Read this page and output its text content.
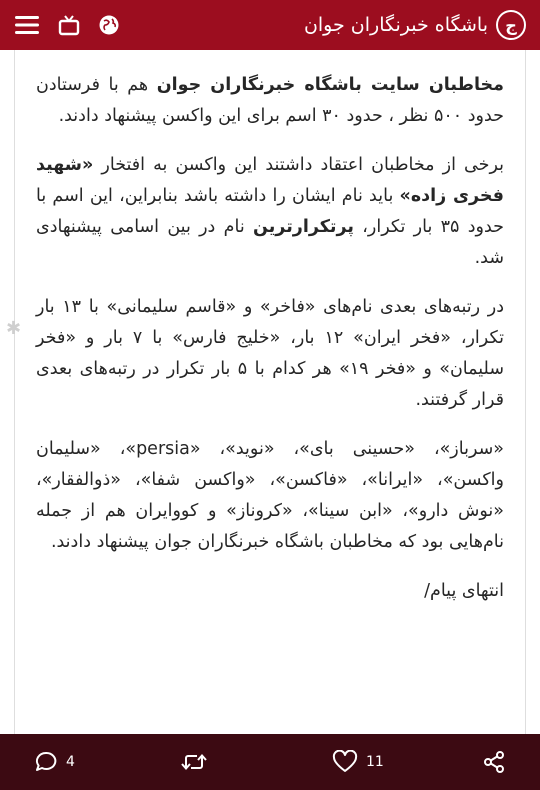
ج
باشگاه خبرنگاران جوان
✱

مخاطبان سایت باشگاه خبرنگاران جوان هم با فرستادن حدود ۵۰۰ نظر ، حدود ۳۰ اسم برای این واکسن پیشنهاد دادند.

برخی از مخاطبان اعتقاد داشتند این واکسن به افتخار «شهید فخری زاده» باید نام ایشان را داشته باشد بنابراین، این اسم با حدود ۳۵ بار تکرار، پرتکرارترین نام در بین اسامی پیشنهادی شد.

در رتبه‌های بعدی نام‌های «فاخر» و «قاسم سلیمانی» با ۱۳ بار تکرار، «فخر ایران» ۱۲ بار، «خلیج فارس» با ۷ بار و «فخر سلیمان» و «فخر ۱۹» هر کدام با ۵ بار تکرار در رتبه‌های بعدی قرار گرفتند.

«سرباز»، «حسینی بای»، «نوید»، «persia»، «سلیمان واکسن»، «ایرانا»، «فاکسن»، «واکسن شفا»، «ذوالفقار»، «نوش دارو»، «ابن سینا»، «کروناز» و کووایران هم از جمله نام‌هایی بود که مخاطبان باشگاه خبرنگاران جوان پیشنهاد دادند.

انتهای پیام/

4	11
